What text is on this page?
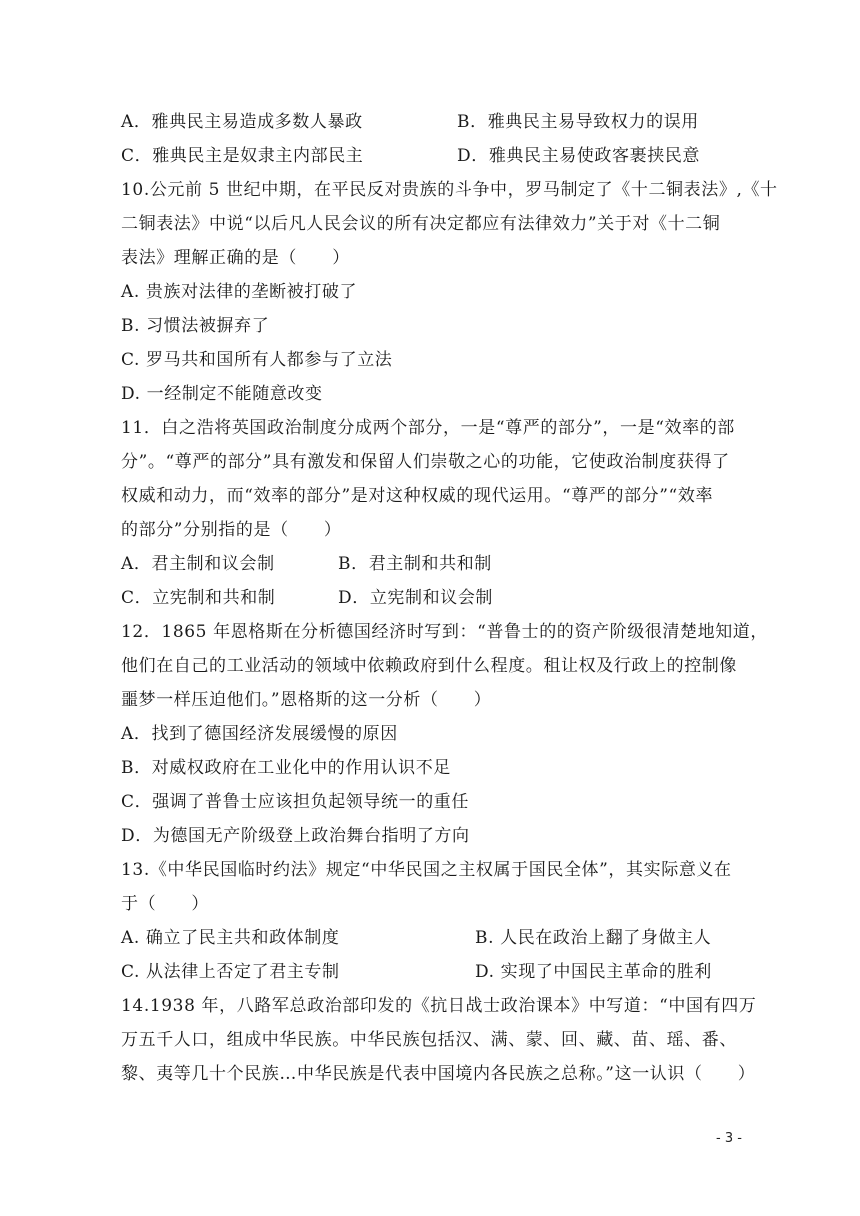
A．雅典民主易造成多数人暴政	B．雅典民主易导致权力的误用
C．雅典民主是奴隶主内部民主	D．雅典民主易使政客裹挟民意
10.公元前 5 世纪中期，在平民反对贵族的斗争中，罗马制定了《十二铜表法》,《十
二铜表法》中说“以后凡人民会议的所有决定都应有法律效力”关于对《十二铜
表法》理解正确的是（　　）
A. 贵族对法律的垄断被打破了
B. 习惯法被摒弃了
C. 罗马共和国所有人都参与了立法
D. 一经制定不能随意改变
11．白之浩将英国政治制度分成两个部分，一是“尊严的部分”，一是“效率的部
分”。“尊严的部分”具有激发和保留人们崇敬之心的功能，它使政治制度获得了
权威和动力，而“效率的部分”是对这种权威的现代运用。“尊严的部分”“效率
的部分”分别指的是（　　）
A．君主制和议会制	B．君主制和共和制
C．立宪制和共和制	D．立宪制和议会制
12．1865 年恩格斯在分析德国经济时写到：“普鲁士的的资产阶级很清楚地知道，
他们在自己的工业活动的领域中依赖政府到什么程度。租让权及行政上的控制像
噩梦一样压迫他们。”恩格斯的这一分析（　　）
A．找到了德国经济发展缓慢的原因
B．对威权政府在工业化中的作用认识不足
C．强调了普鲁士应该担负起领导统一的重任
D．为德国无产阶级登上政治舞台指明了方向
13.《中华民国临时约法》规定“中华民国之主权属于国民全体”，其实际意义在
于（　　）
A. 确立了民主共和政体制度	B. 人民在政治上翻了身做主人
C. 从法律上否定了君主专制	D. 实现了中国民主革命的胜利
14.1938 年，八路军总政治部印发的《抗日战士政治课本》中写道：“中国有四万
万五千人口，组成中华民族。中华民族包括汉、满、蒙、回、藏、苗、瑶、番、
黎、夷等几十个民族…中华民族是代表中国境内各民族之总称。”这一认识（　　）
- 3 -
